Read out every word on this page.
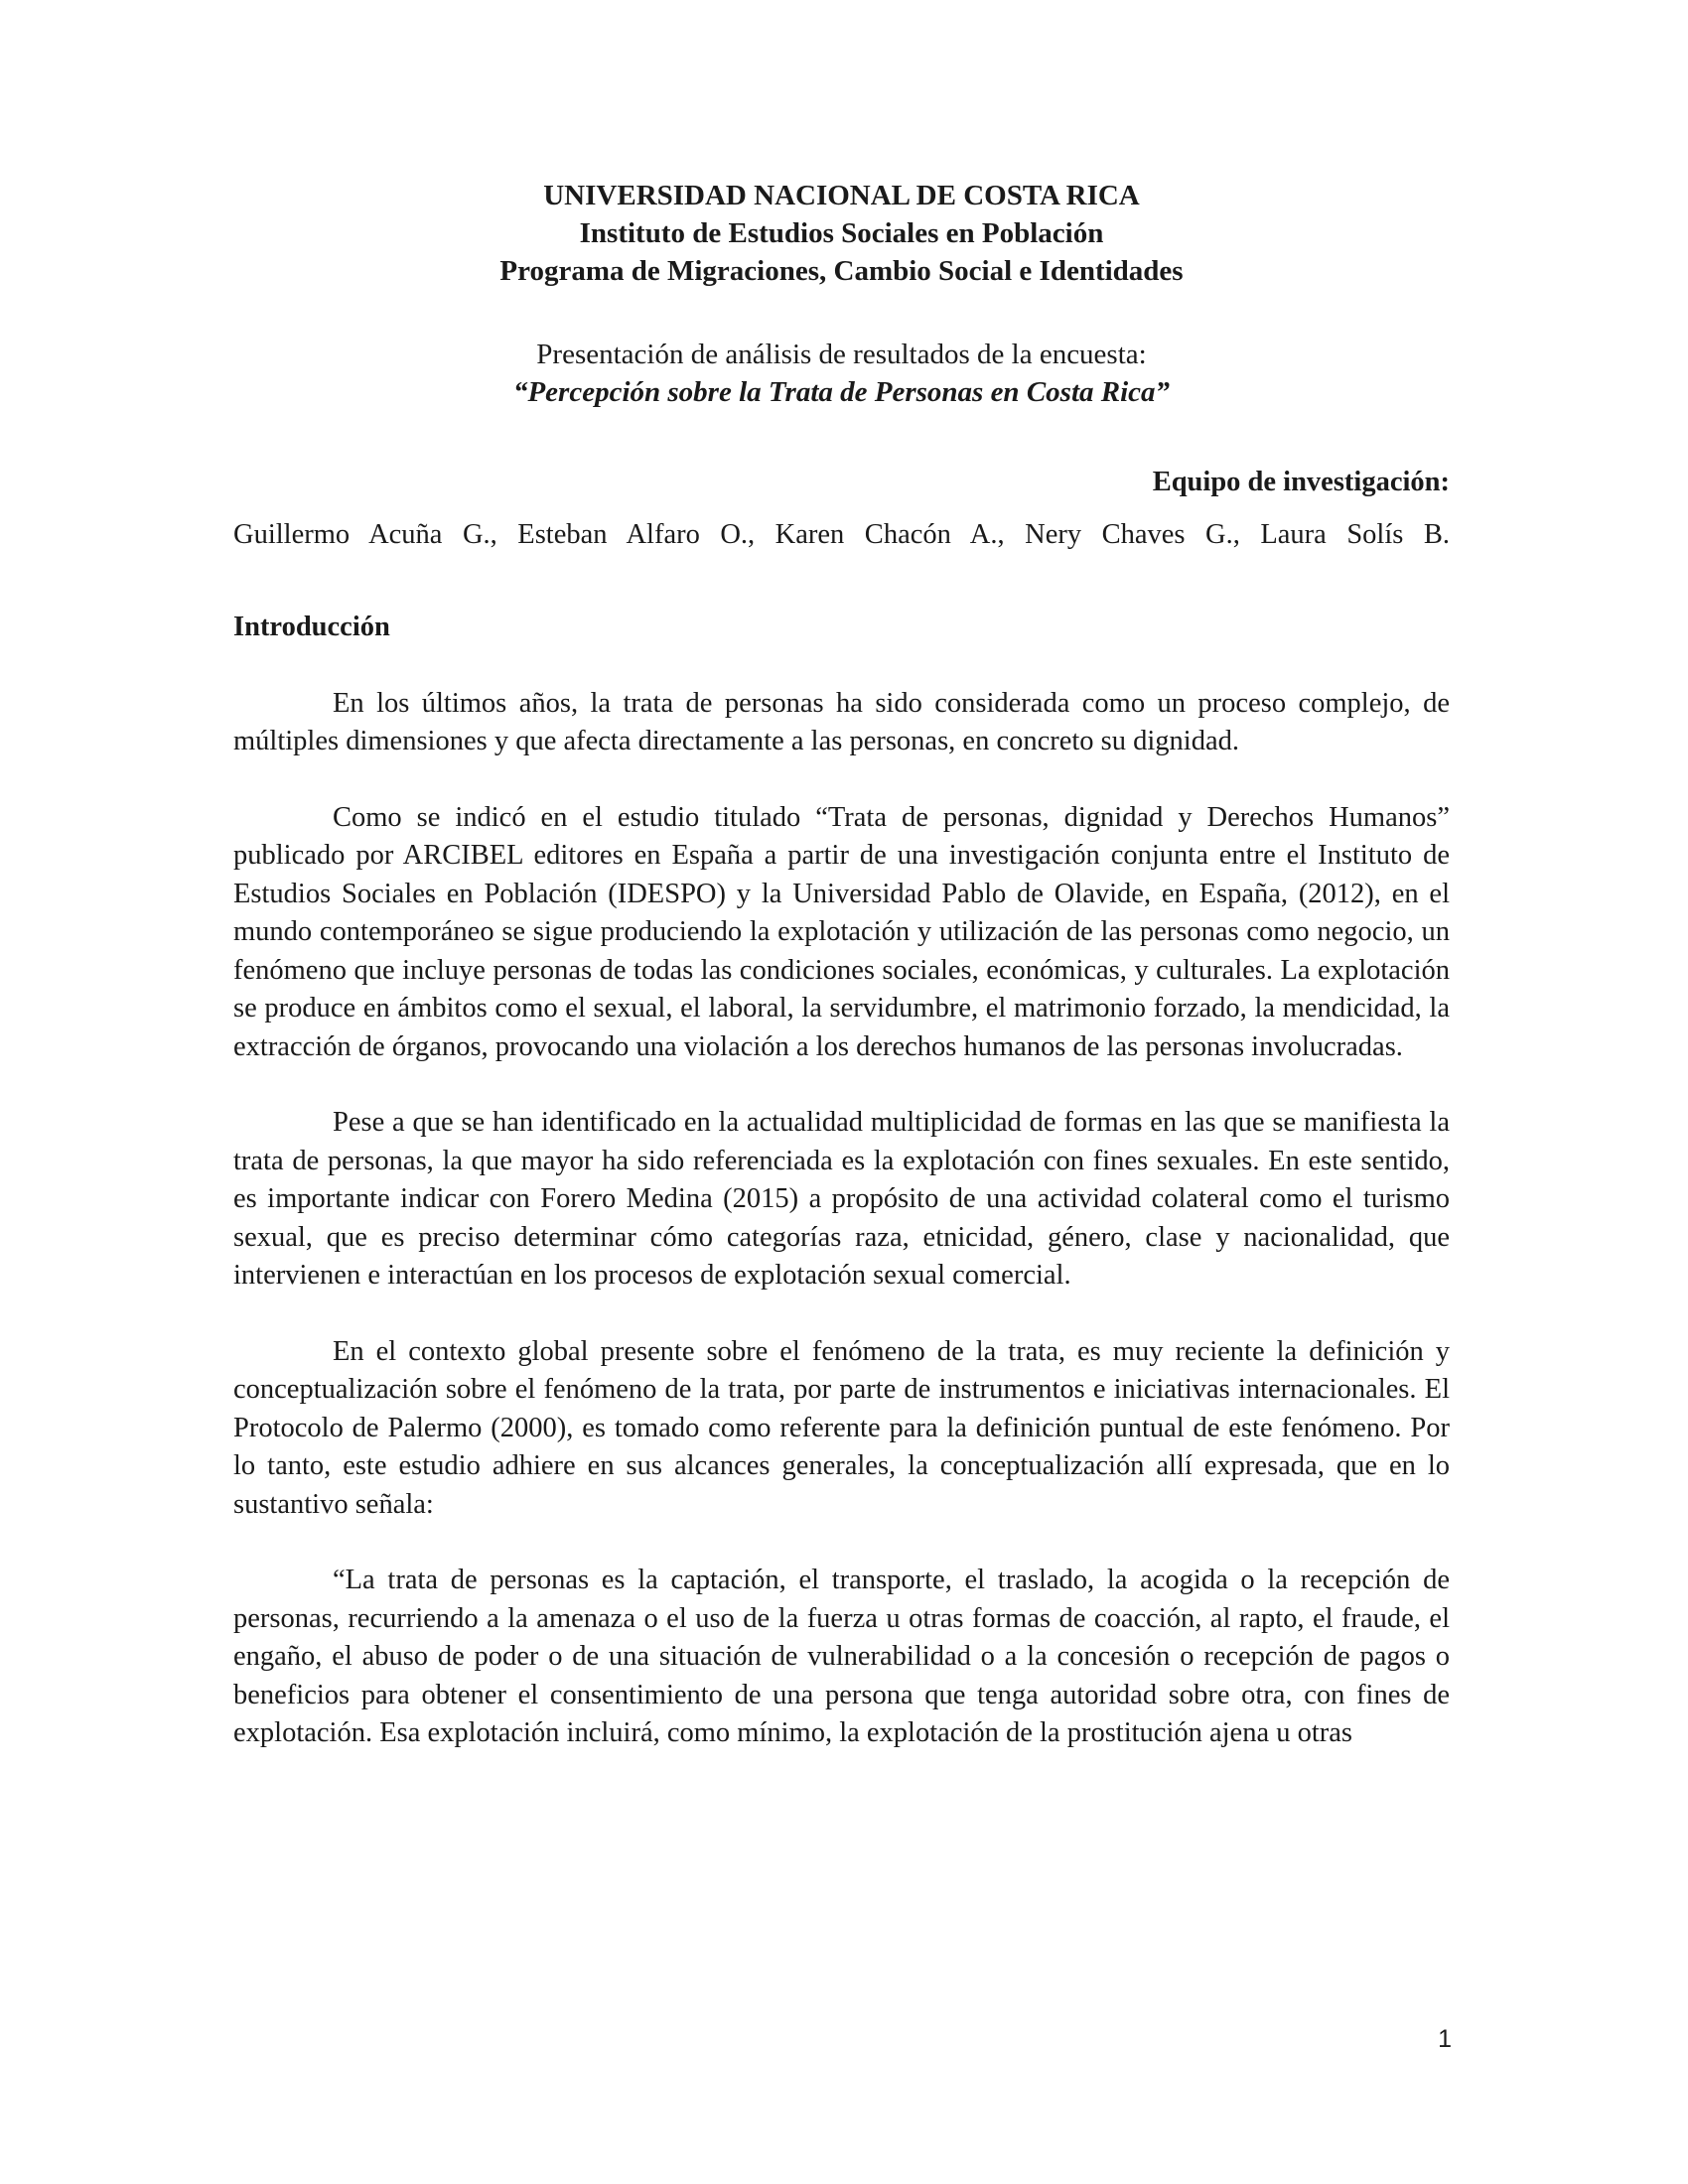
UNIVERSIDAD NACIONAL DE COSTA RICA
Instituto de Estudios Sociales en Población
Programa de Migraciones, Cambio Social e Identidades
Presentación de análisis de resultados de la encuesta:
“Percepción sobre la Trata de Personas en Costa Rica”
Equipo de investigación:
Guillermo Acuña G., Esteban Alfaro O., Karen Chacón A., Nery Chaves G., Laura Solís B.
Introducción

En los últimos años, la trata de personas ha sido considerada como un proceso complejo, de múltiples dimensiones y que afecta directamente a las personas, en concreto su dignidad.

Como se indicó en el estudio titulado “Trata de personas, dignidad y Derechos Humanos” publicado por ARCIBEL editores en España a partir de una investigación conjunta entre el Instituto de Estudios Sociales en Población (IDESPO) y la Universidad Pablo de Olavide, en España, (2012), en el mundo contemporáneo se sigue produciendo la explotación y utilización de las personas como negocio, un fenómeno que incluye personas de todas las condiciones sociales, económicas, y culturales. La explotación se produce en ámbitos como el sexual, el laboral, la servidumbre, el matrimonio forzado, la mendicidad, la extracción de órganos, provocando una violación a los derechos humanos de las personas involucradas.

Pese a que se han identificado en la actualidad multiplicidad de formas en las que se manifiesta la trata de personas, la que mayor ha sido referenciada es la explotación con fines sexuales. En este sentido, es importante indicar con Forero Medina (2015) a propósito de una actividad colateral como el turismo sexual, que es preciso determinar cómo categorías raza, etnicidad, género, clase y nacionalidad, que intervienen e interactúan en los procesos de explotación sexual comercial.

En el contexto global presente sobre el fenómeno de la trata, es muy reciente la definición y conceptualización sobre el fenómeno de la trata, por parte de instrumentos e iniciativas internacionales. El Protocolo de Palermo (2000), es tomado como referente para la definición puntual de este fenómeno. Por lo tanto, este estudio adhiere en sus alcances generales, la conceptualización allí expresada, que en lo sustantivo señala:

“La trata de personas es la captación, el transporte, el traslado, la acogida o la recepción de personas, recurriendo a la amenaza o el uso de la fuerza u otras formas de coacción, al rapto, el fraude, el engaño, el abuso de poder o de una situación de vulnerabilidad o a la concesión o recepción de pagos o beneficios para obtener el consentimiento de una persona que tenga autoridad sobre otra, con fines de explotación. Esa explotación incluirá, como mínimo, la explotación de la prostitución ajena u otras

1
